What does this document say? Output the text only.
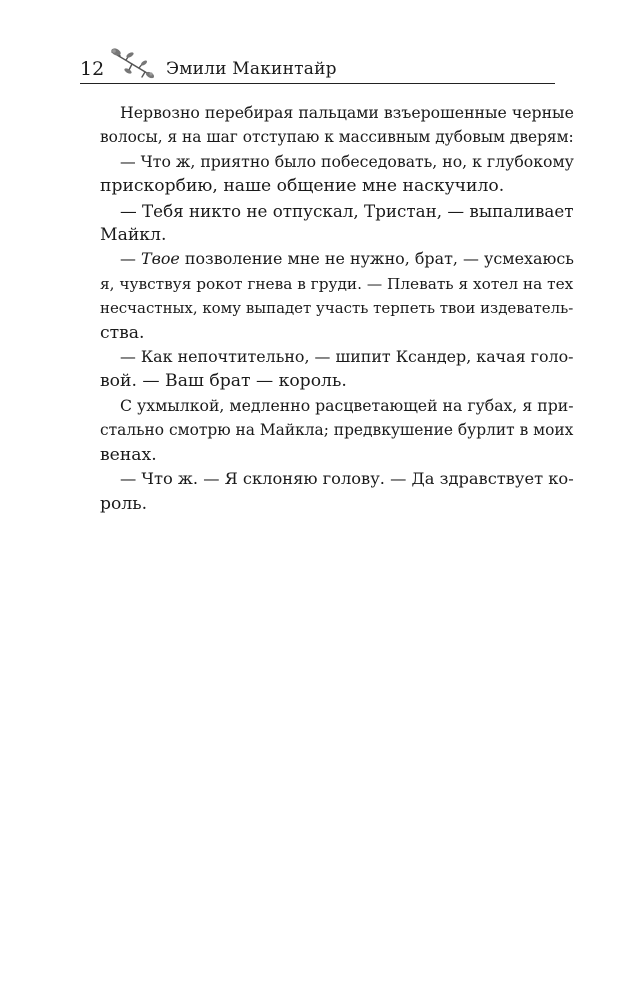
12	Эмили Макинтайр

Нервозно перебирая пальцами взъерошенные черные
волосы, я на шаг отступаю к массивным дубовым дверям:

— Что ж, приятно было побеседовать, но, к глубокому
прискорбию, наше общение мне наскучило.

— Тебя никто не отпускал, Тристан, — выпаливает
Майкл.

— Твое позволение мне не нужно, брат, — усмехаюсь
я, чувствуя рокот гнева в груди. — Плевать я хотел на тех
несчастных, кому выпадет участь терпеть твои издеватель-
ства.

— Как непочтительно, — шипит Ксандер, качая голо-
вой. — Ваш брат — король.

С ухмылкой, медленно расцветающей на губах, я при-
стально смотрю на Майкла; предвкушение бурлит в моих
венах.

— Что ж. — Я склоняю голову. — Да здравствует ко-
роль.
